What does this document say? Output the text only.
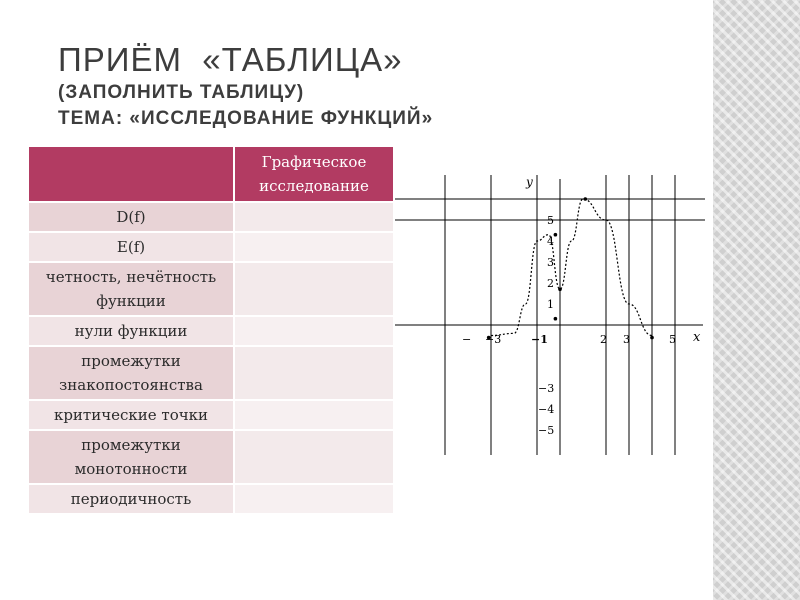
ПРИЁМ  «ТАБЛИЦА»
(ЗАПОЛНИТЬ ТАБЛИЦУ)
ТЕМА: «ИССЛЕДОВАНИЕ ФУНКЦИЙ»
	Графическое исследование
D(f)	
E(f)	
четность, нечётность функции	
нули функции	
промежутки знакопостоянства	
критические точки	
промежутки монотонности	
периодичность	
x
y
− −3	−1	2 3	5
5
4
3
2
1
−3
−4
−5
